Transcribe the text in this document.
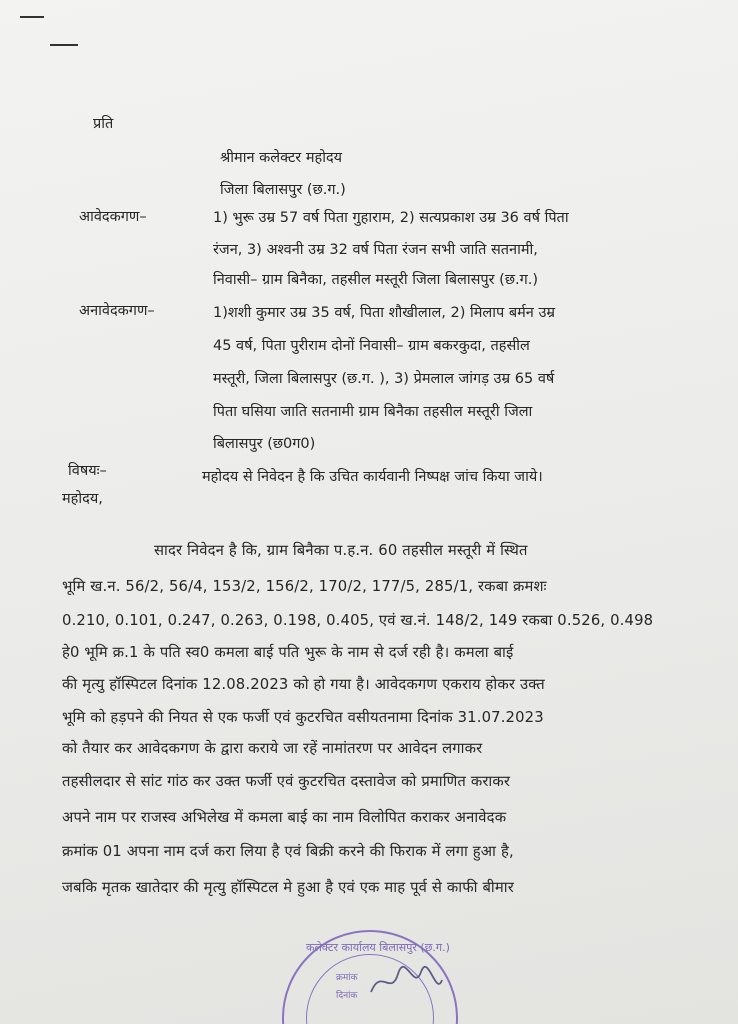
प्रति
श्रीमान कलेक्टर महोदय
जिला बिलासपुर (छ.ग.)
आवेदकगण–	1) भुरू उम्र 57 वर्ष पिता गुहाराम, 2) सत्यप्रकाश उम्र 36 वर्ष पिता
रंजन, 3) अश्वनी उम्र 32 वर्ष पिता रंजन सभी जाति सतनामी,
निवासी– ग्राम बिनैका, तहसील मस्तूरी जिला बिलासपुर (छ.ग.)
अनावेदकगण–	1)शशी कुमार उम्र 35 वर्ष, पिता शौखीलाल, 2) मिलाप बर्मन उम्र
45 वर्ष, पिता पुरीराम दोनों निवासी– ग्राम बकरकुदा, तहसील
मस्तूरी, जिला बिलासपुर (छ.ग. ), 3) प्रेमलाल जांगड़ उम्र 65 वर्ष
पिता घसिया जाति सतनामी ग्राम बिनैका तहसील मस्तूरी जिला
बिलासपुर (छ0ग0)
विषयः–	महोदय से निवेदन है कि उचित कार्यवानी निष्पक्ष जांच किया जाये।
महोदय,
सादर निवेदन है कि, ग्राम बिनैका प.ह.न. 60 तहसील मस्तूरी में स्थित
भूमि ख.न. 56/2, 56/4, 153/2, 156/2, 170/2, 177/5, 285/1, रकबा क्रमशः
0.210, 0.101, 0.247, 0.263, 0.198, 0.405, एवं ख.नं. 148/2, 149 रकबा 0.526, 0.498
हे0 भूमि क्र.1 के पति स्व0 कमला बाई पति भुरू के नाम से दर्ज रही है। कमला बाई
की मृत्यु हॉस्पिटल दिनांक 12.08.2023 को हो गया है। आवेदकगण एकराय होकर उक्त
भूमि को हड़पने की नियत से एक फर्जी एवं कुटरचित वसीयतनामा दिनांक 31.07.2023
को तैयार कर आवेदकगण के द्वारा कराये जा रहें नामांतरण पर आवेदन लगाकर
तहसीलदार से सांट गांठ कर उक्त फर्जी एवं कुटरचित दस्तावेज को प्रमाणित कराकर
अपने नाम पर राजस्व अभिलेख में कमला बाई का नाम विलोपित कराकर अनावेदक
क्रमांक 01 अपना नाम दर्ज करा लिया है एवं बिक्री करने की फिराक में लगा हुआ है,
जबकि मृतक खातेदार की मृत्यु हॉस्पिटल मे हुआ है एवं एक माह पूर्व से काफी बीमार
कलेक्टर कार्यालय बिलासपुर (छ.ग.)
क्रमांक
दिनांक
